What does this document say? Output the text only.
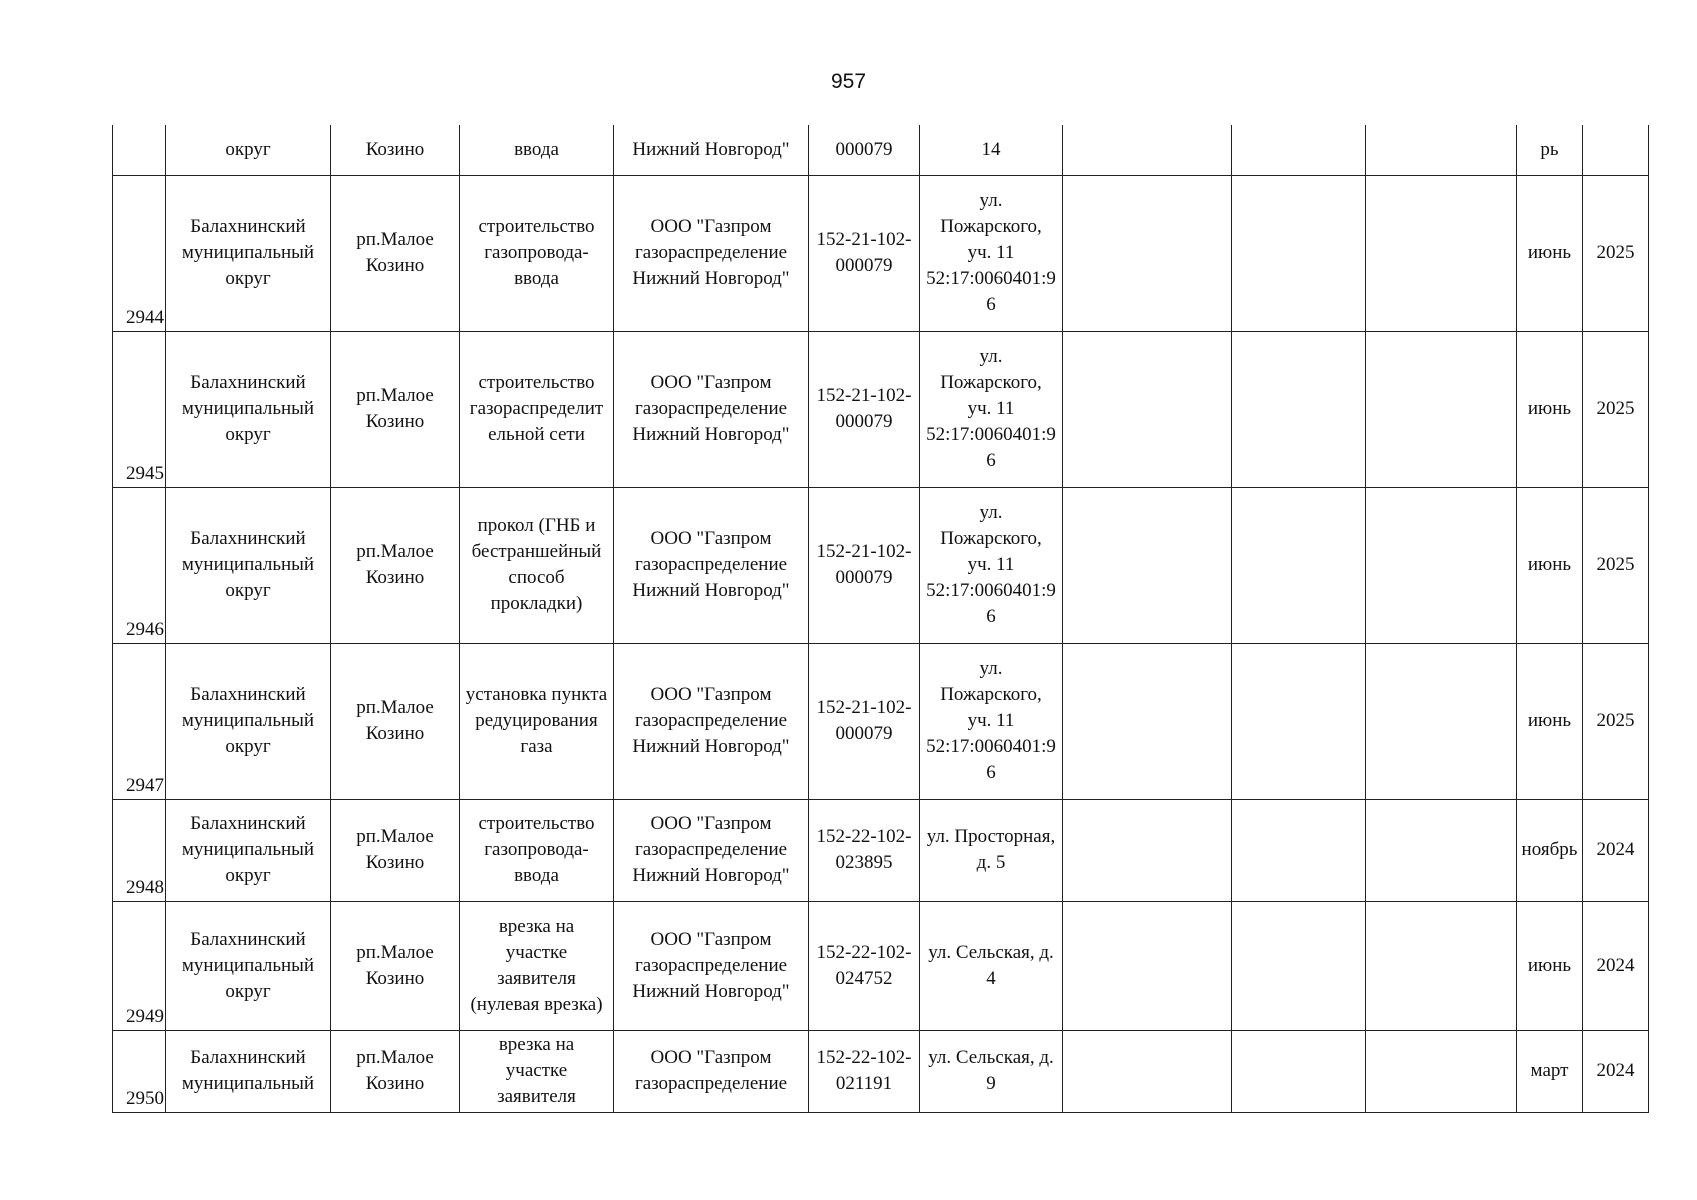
957

	округ	Козино	ввода	Нижний Новгород"	000079	14				рь	

2944	Балахнинский
муниципальный
округ	рп.Малое
Козино	строительство
газопровода-
ввода	ООО "Газпром
газораспределение
Нижний Новгород"	152-21-102-
000079	ул.
Пожарского,
уч. 11
52:17:0060401:9
6				июнь	2025

2945	Балахнинский
муниципальный
округ	рп.Малое
Козино	строительство
газораспределит
ельной сети	ООО "Газпром
газораспределение
Нижний Новгород"	152-21-102-
000079	ул.
Пожарского,
уч. 11
52:17:0060401:9
6				июнь	2025

2946	Балахнинский
муниципальный
округ	рп.Малое
Козино	прокол (ГНБ и
бестраншейный
способ
прокладки)	ООО "Газпром
газораспределение
Нижний Новгород"	152-21-102-
000079	ул.
Пожарского,
уч. 11
52:17:0060401:9
6				июнь	2025

2947	Балахнинский
муниципальный
округ	рп.Малое
Козино	установка пункта
редуцирования
газа	ООО "Газпром
газораспределение
Нижний Новгород"	152-21-102-
000079	ул.
Пожарского,
уч. 11
52:17:0060401:9
6				июнь	2025

2948	Балахнинский
муниципальный
округ	рп.Малое
Козино	строительство
газопровода-
ввода	ООО "Газпром
газораспределение
Нижний Новгород"	152-22-102-
023895	ул. Просторная,
д. 5				ноябрь	2024

2949	Балахнинский
муниципальный
округ	рп.Малое
Козино	врезка на
участке
заявителя
(нулевая врезка)	ООО "Газпром
газораспределение
Нижний Новгород"	152-22-102-
024752	ул. Сельская, д.
4				июнь	2024

2950	Балахнинский
муниципальный	рп.Малое
Козино	врезка на
участке
заявителя	ООО "Газпром
газораспределение	152-22-102-
021191	ул. Сельская, д.
9				март	2024
